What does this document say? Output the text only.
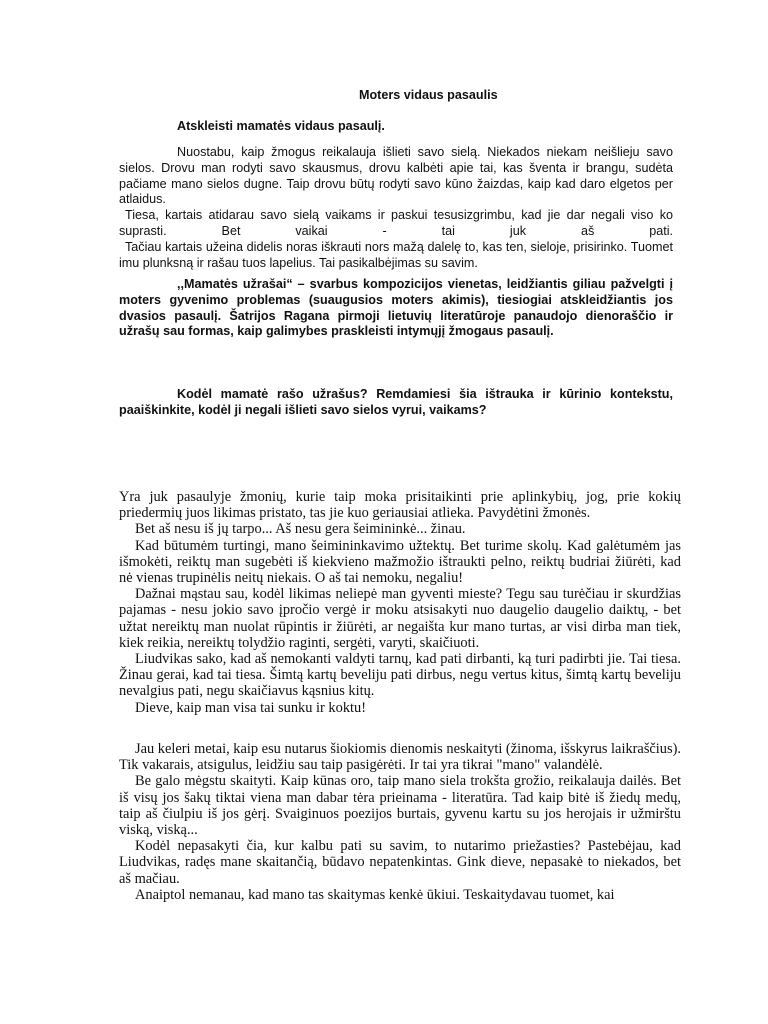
Moters vidaus pasaulis
Atskleisti mamatės vidaus pasaulį.

Nuostabu, kaip žmogus reikalauja išlieti savo sielą. Niekados niekam neišlieju savo sielos. Drovu man rodyti savo skausmus, drovu kalbėti apie tai, kas šventa ir brangu, sudėta pačiame mano sielos dugne. Taip drovu būtų rodyti savo kūno žaizdas, kaip kad daro elgetos per atlaidus.

Tiesa, kartais atidarau savo sielą vaikams ir paskui tesusizgrimbu, kad jie dar negali viso ko suprasti. Bet vaikai - tai juk aš pati.

Tačiau kartais užeina didelis noras iškrauti nors mažą dalelę to, kas ten, sieloje, prisirinko. Tuomet imu plunksną ir rašau tuos lapelius. Tai pasikalbėjimas su savim.

,,Mamatės užrašai“ – svarbus kompozicijos vienetas, leidžiantis giliau pažvelgti į moters gyvenimo problemas (suaugusios moters akimis), tiesiogiai atskleidžiantis jos dvasios pasaulį. Šatrijos Ragana pirmoji lietuvių literatūroje panaudojo dienoraščio ir užrašų sau formas, kaip galimybes praskleisti intymųjį žmogaus pasaulį.

Kodėl mamatė rašo užrašus? Remdamiesi šia ištrauka ir kūrinio kontekstu, paaiškinkite, kodėl ji negali išlieti savo sielos vyrui, vaikams?

Yra juk pasaulyje žmonių, kurie taip moka prisitaikinti prie aplinkybių, jog, prie kokių priedermių juos likimas pristato, tas jie kuo geriausiai atlieka. Pavydėtini žmonės.

Bet aš nesu iš jų tarpo... Aš nesu gera šeimininkė... žinau.

Kad būtumėm turtingi, mano šeimininkavimo užtektų. Bet turime skolų. Kad galėtumėm jas išmokėti, reiktų man sugebėti iš kiekvieno mažmožio ištraukti pelno, reiktų budriai žiūrėti, kad nė vienas trupinėlis neitų niekais. O aš tai nemoku, negaliu!

Dažnai mąstau sau, kodėl likimas neliepė man gyventi mieste? Tegu sau turėčiau ir skurdžias pajamas - nesu jokio savo įpročio vergė ir moku atsisakyti nuo daugelio daugelio daiktų, - bet užtat nereiktų man nuolat rūpintis ir žiūrėti, ar negaišta kur mano turtas, ar visi dirba man tiek, kiek reikia, nereiktų tolydžio raginti, sergėti, varyti, skaičiuoti.

Liudvikas sako, kad aš nemokanti valdyti tarnų, kad pati dirbanti, ką turi padirbti jie. Tai tiesa. Žinau gerai, kad tai tiesa. Šimtą kartų beveliju pati dirbus, negu vertus kitus, šimtą kartų beveliju nevalgius pati, negu skaičiavus kąsnius kitų.

Dieve, kaip man visa tai sunku ir koktu!

Jau keleri metai, kaip esu nutarus šiokiomis dienomis neskaityti (žinoma, išskyrus laikraščius). Tik vakarais, atsigulus, leidžiu sau taip pasigėrėti. Ir tai yra tikrai "mano" valandėlė.

Be galo mėgstu skaityti. Kaip kūnas oro, taip mano siela trokšta grožio, reikalauja dailės. Bet iš visų jos šakų tiktai viena man dabar tėra prieinama - literatūra. Tad kaip bitė iš žiedų medų, taip aš čiulpiu iš jos gėrį. Svaiginuos poezijos burtais, gyvenu kartu su jos herojais ir užmirštu viską, viską...

Kodėl nepasakyti čia, kur kalbu pati su savim, to nutarimo priežasties? Pastebėjau, kad Liudvikas, radęs mane skaitančią, būdavo nepatenkintas. Gink dieve, nepasakė to niekados, bet aš mačiau.

Anaiptol nemanau, kad mano tas skaitymas kenkė ūkiui. Teskaitydavau tuomet, kai
